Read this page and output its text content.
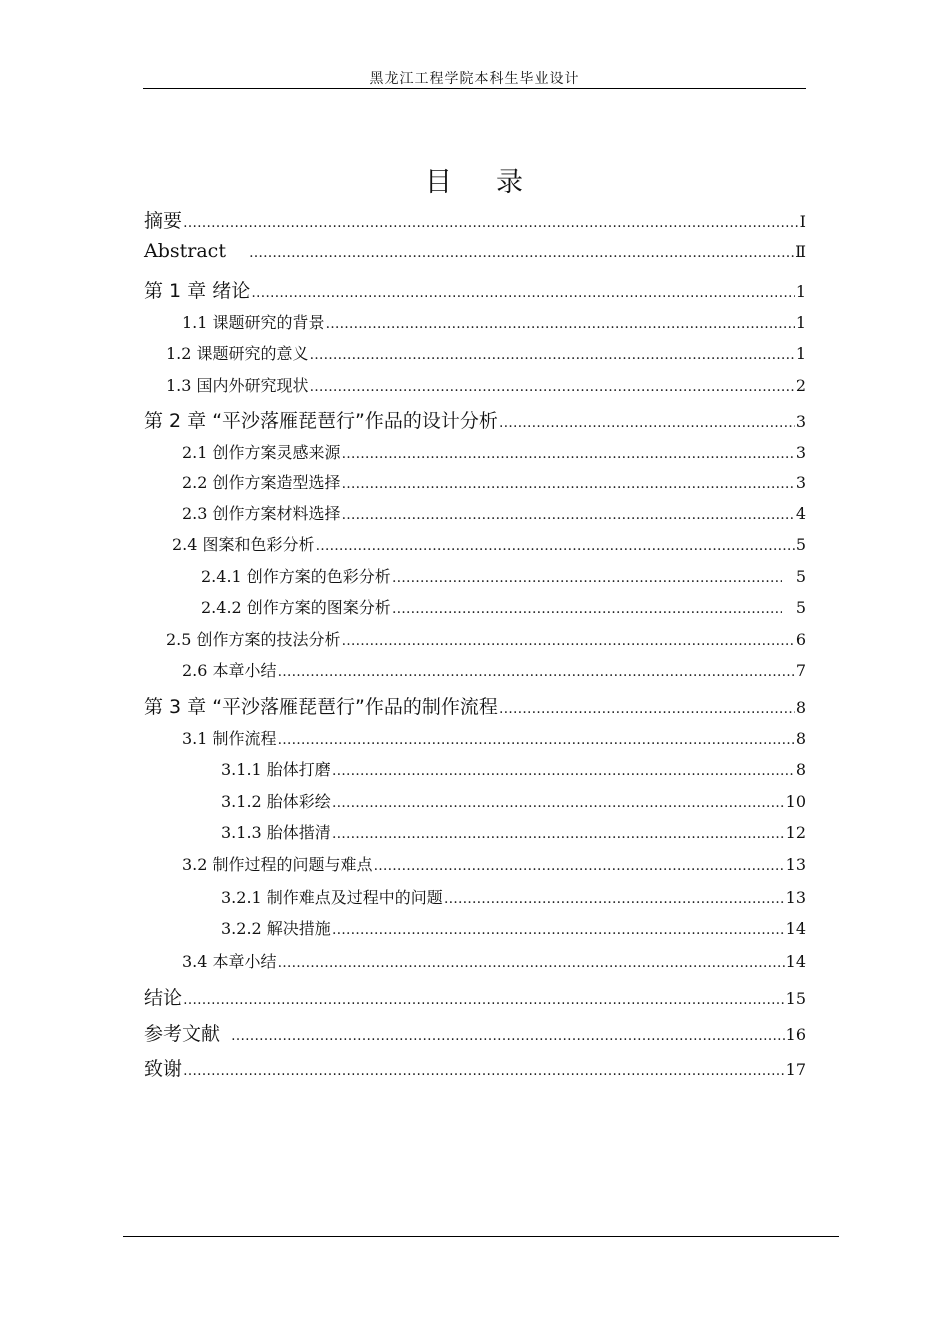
黑龙江工程学院本科生毕业设计
目 录
摘要 ……………………………………………………………………………………………………………………………………………………………………………………………………………………	Ⅰ
Abstract ……………………………………………………………………………………………………………………………………………………………………………………………………………………	Ⅱ
第 1 章 绪论 ……………………………………………………………………………………………………………………………………………………………………………………………………………………	1
1.1 课题研究的背景 ……………………………………………………………………………………………………………………………………………………………………………………………………………………	1
1.2 课题研究的意义 ……………………………………………………………………………………………………………………………………………………………………………………………………………………	1
1.3 国内外研究现状 ……………………………………………………………………………………………………………………………………………………………………………………………………………………	2
第 2 章 “平沙落雁琵琶行”作品的设计分析 ……………………………………………………………………………………………………………………………………………………………………………………………………………………	3
2.1 创作方案灵感来源 ……………………………………………………………………………………………………………………………………………………………………………………………………………………	3
2.2 创作方案造型选择 ……………………………………………………………………………………………………………………………………………………………………………………………………………………	3
2.3 创作方案材料选择 ……………………………………………………………………………………………………………………………………………………………………………………………………………………	4
2.4 图案和色彩分析 ……………………………………………………………………………………………………………………………………………………………………………………………………………………	5
2.4.1 创作方案的色彩分析 ……………………………………………………………………………………………………………………………………………………………………………………………………………………	5
2.4.2 创作方案的图案分析 ……………………………………………………………………………………………………………………………………………………………………………………………………………………	5
2.5 创作方案的技法分析 ……………………………………………………………………………………………………………………………………………………………………………………………………………………	6
2.6 本章小结 ……………………………………………………………………………………………………………………………………………………………………………………………………………………	7
第 3 章 “平沙落雁琵琶行”作品的制作流程 ……………………………………………………………………………………………………………………………………………………………………………………………………………………	8
3.1 制作流程 ……………………………………………………………………………………………………………………………………………………………………………………………………………………	8
3.1.1 胎体打磨 ……………………………………………………………………………………………………………………………………………………………………………………………………………………	8
3.1.2 胎体彩绘 ……………………………………………………………………………………………………………………………………………………………………………………………………………………	10
3.1.3 胎体揩清 ……………………………………………………………………………………………………………………………………………………………………………………………………………………	12
3.2 制作过程的问题与难点 ……………………………………………………………………………………………………………………………………………………………………………………………………………………	13
3.2.1 制作难点及过程中的问题 ……………………………………………………………………………………………………………………………………………………………………………………………………………………	13
3.2.2 解决措施 ……………………………………………………………………………………………………………………………………………………………………………………………………………………	14
3.4 本章小结 ……………………………………………………………………………………………………………………………………………………………………………………………………………………	14
结论 ……………………………………………………………………………………………………………………………………………………………………………………………………………………	15
参考文献 ……………………………………………………………………………………………………………………………………………………………………………………………………………………	16
致谢 ……………………………………………………………………………………………………………………………………………………………………………………………………………………	17
